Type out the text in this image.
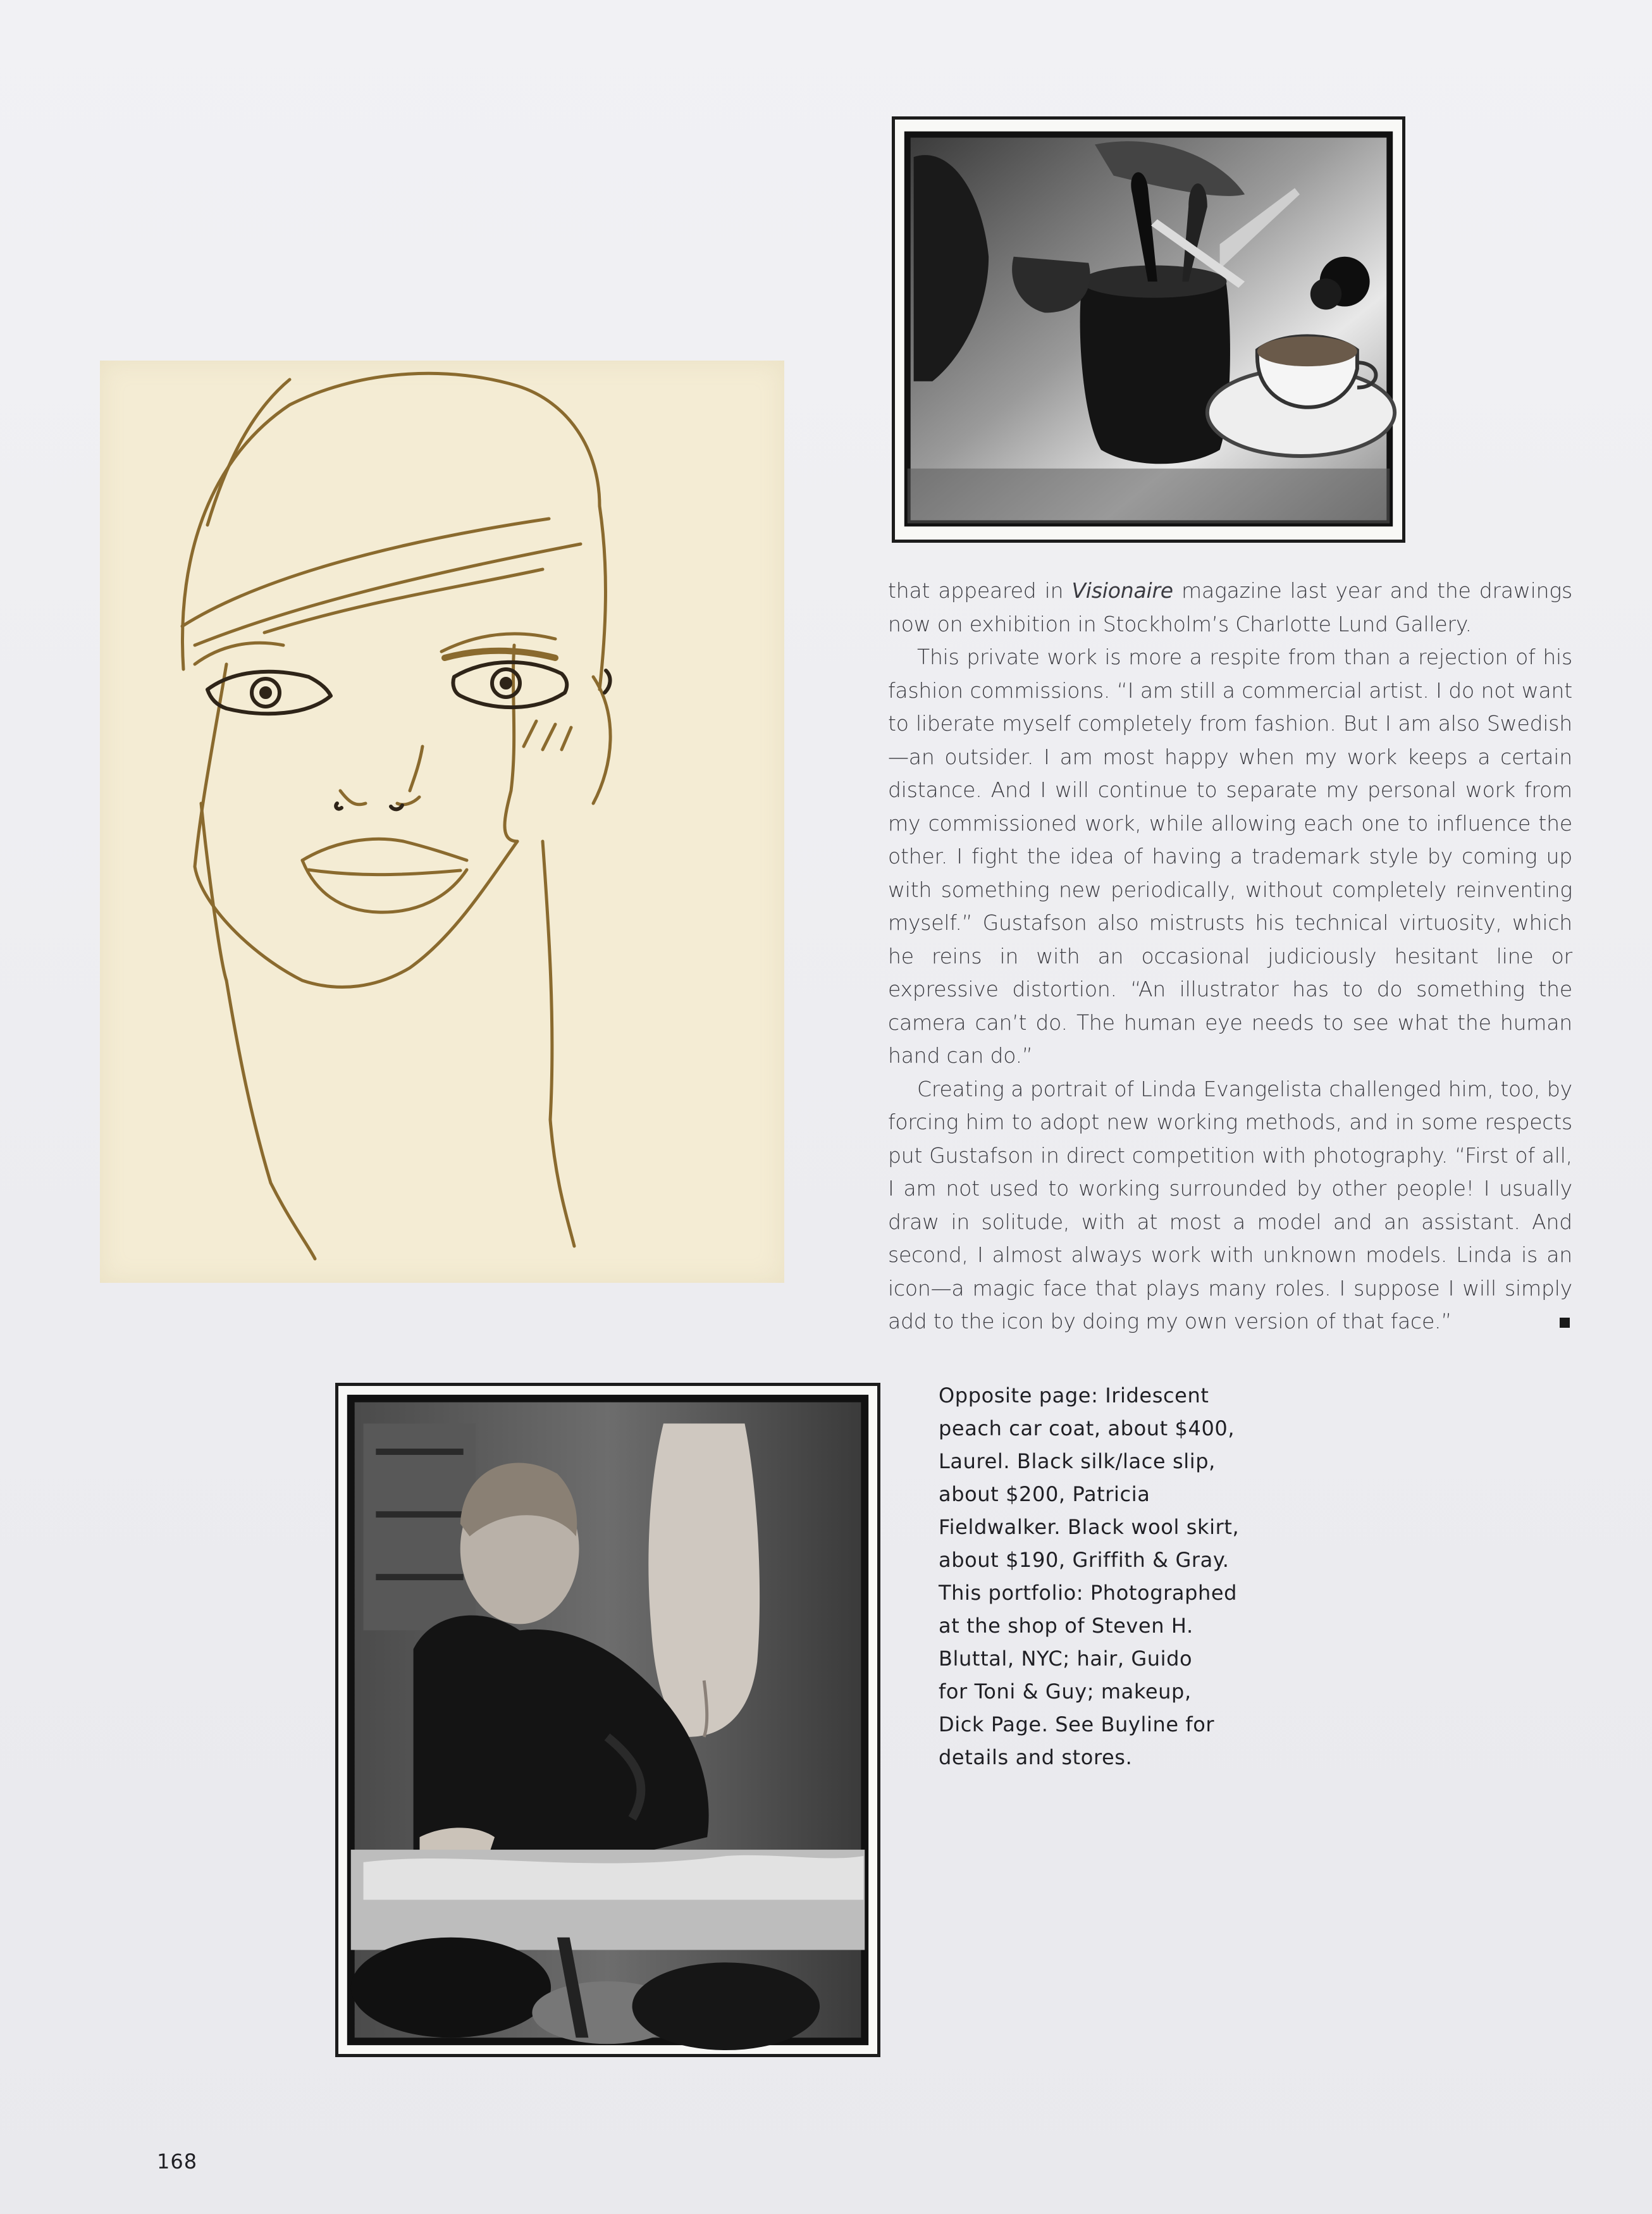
that appeared in Visionaire magazine last year and the drawings now on exhibition in Stockholm’s Charlotte Lund Gallery.

This private work is more a respite from than a rejection of his fashion commissions. “I am still a commercial artist. I do not want to liberate myself completely from fashion. But I am also Swedish—an outsider. I am most happy when my work keeps a certain distance. And I will continue to separate my personal work from my commissioned work, while allowing each one to influence the other. I fight the idea of having a trademark style by coming up with something new periodically, without completely reinventing myself.” Gustafson also mistrusts his technical virtuosity, which he reins in with an occasional judiciously hesitant line or expressive distortion. “An illustrator has to do something the camera can’t do. The human eye needs to see what the human hand can do.”

Creating a portrait of Linda Evangelista challenged him, too, by forcing him to adopt new working methods, and in some respects put Gustafson in direct competition with photography. “First of all, I am not used to working surrounded by other people! I usually draw in solitude, with at most a model and an assistant. And second, I almost always work with unknown models. Linda is an icon—a magic face that plays many roles. I suppose I will simply add to the icon by doing my own version of that face.”

Opposite page: Iridescent
peach car coat, about $400,
Laurel. Black silk/lace slip,
about $200, Patricia
Fieldwalker. Black wool skirt,
about $190, Griffith & Gray.
This portfolio: Photographed
at the shop of Steven H.
Bluttal, NYC; hair, Guido
for Toni & Guy; makeup,
Dick Page. See Buyline for
details and stores.
168
